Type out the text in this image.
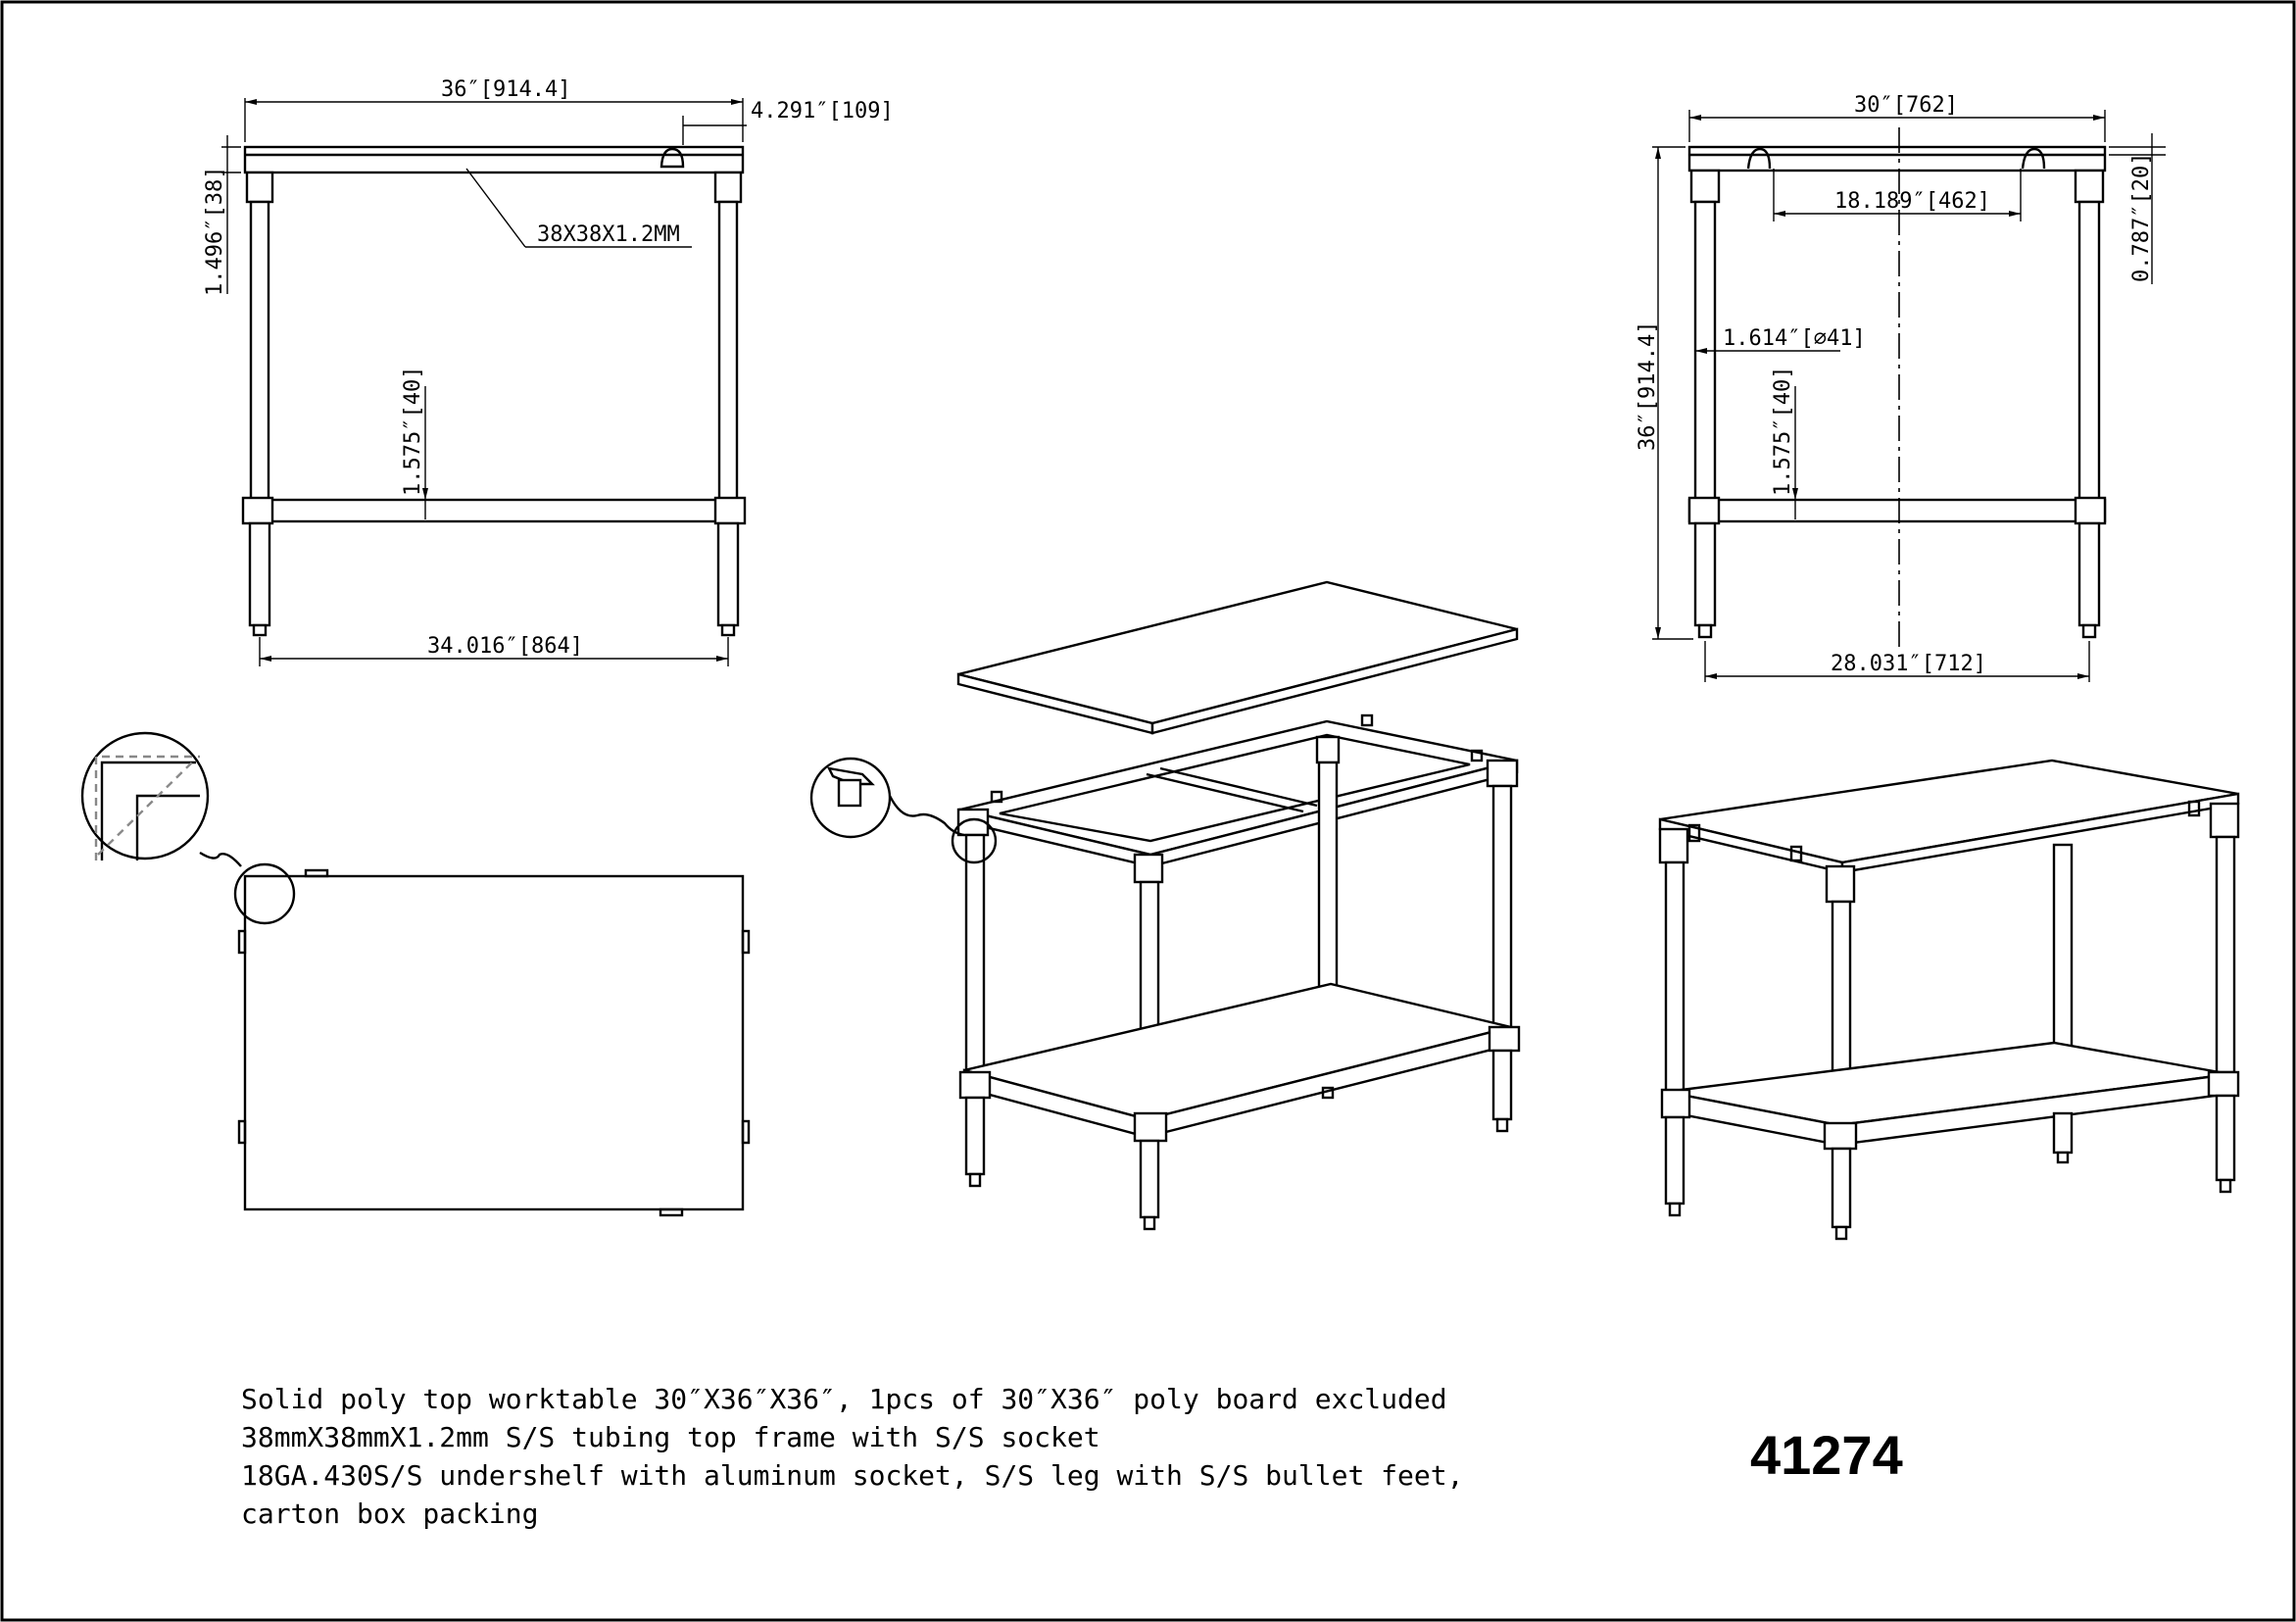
36″[914.4]
4.291″[109]
38X38X1.2MM
1.496″[38]
1.575″[40]
34.016″[864]
30″[762]
18.189″[462]	0.787″[20]
1.614″[⌀41]
36″[914.4]	1.575″[40]
28.031″[712]
Solid poly top worktable 30″X36″X36″, 1pcs of 30″X36″ poly board excluded
38mmX38mmX1.2mm S/S tubing top frame with S/S socket
18GA.430S/S undershelf with aluminum socket, S/S leg with S/S bullet feet,
carton box packing
41274
